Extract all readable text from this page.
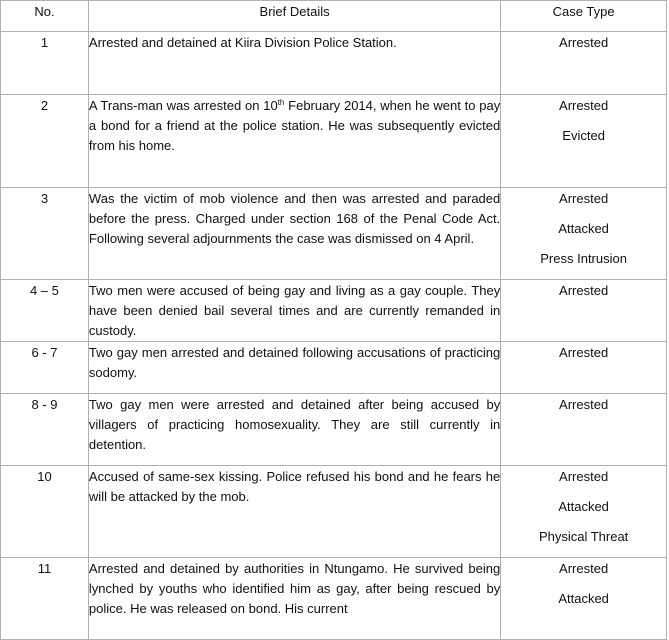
No.	Brief Details	Case Type
1	Arrested and detained at Kiira Division Police Station.	Arrested

2	A Trans-man was arrested on 10th February 2014, when he went to pay a bond for a friend at the police station. He was subsequently evicted from his home.	Arrested
Evicted

3	Was the victim of mob violence and then was arrested and paraded before the press. Charged under section 168 of the Penal Code Act. Following several adjournments the case was dismissed on 4 April.	Arrested
Attacked
Press Intrusion

4 – 5	Two men were accused of being gay and living as a gay couple. They have been denied bail several times and are currently remanded in custody.	Arrested

6 - 7	Two gay men arrested and detained following accusations of practicing sodomy.	Arrested

8 - 9	Two gay men were arrested and detained after being accused by villagers of practicing homosexuality. They are still currently in detention.	Arrested

10	Accused of same-sex kissing. Police refused his bond and he fears he will be attacked by the mob.	Arrested
Attacked
Physical Threat

11	Arrested and detained by authorities in Ntungamo. He survived being lynched by youths who identified him as gay, after being rescued by police. He was released on bond. His current	Arrested
Attacked
